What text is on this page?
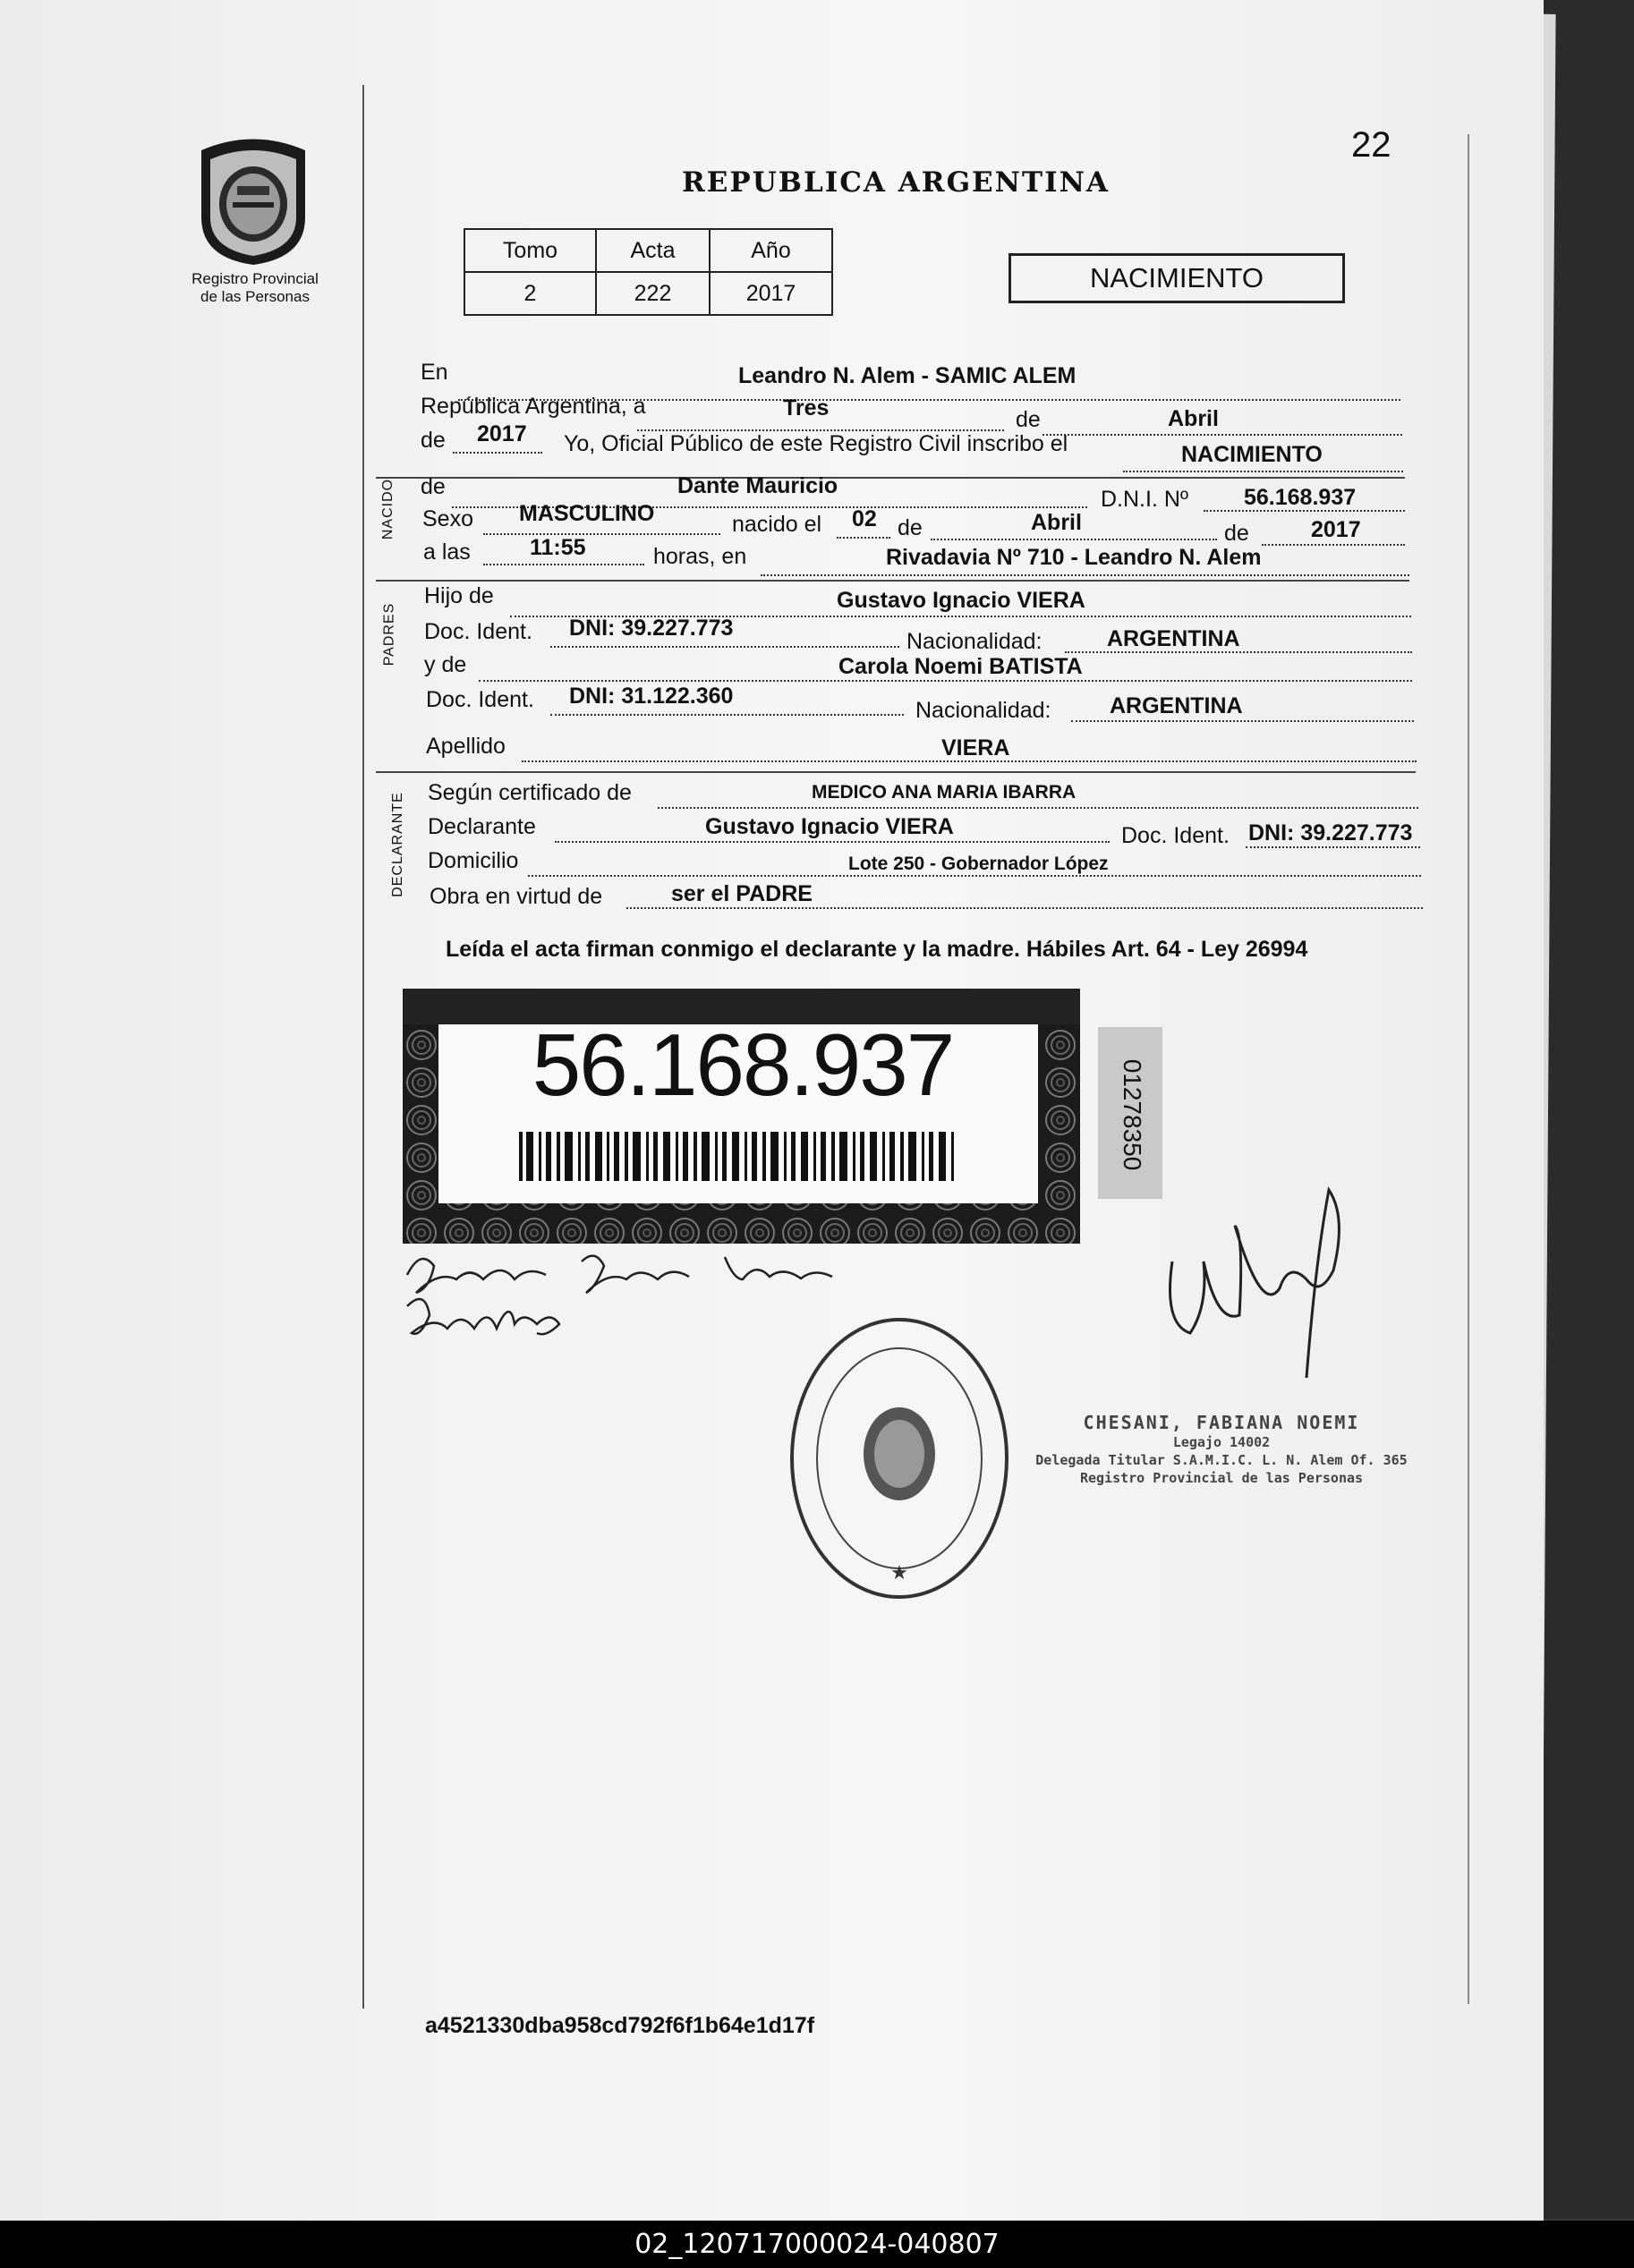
Registro Provincial
de las Personas
22
REPUBLICA ARGENTINA
Tomo	Acta	Año
2	222	2017	NACIMIENTO
En	Leandro N. Alem - SAMIC ALEM
República Argentina, a	Tres	de	Abril
de 2017 Yo, Oficial Público de este Registro Civil inscribo el	NACIMIENTO
NACIDO de	Dante Mauricio
D.N.I. Nº 56.168.937
Sexo MASCULINO	nacido el 02 de	Abril	de	2017
a las	11:55	horas, en	Rivadavia Nº 710 - Leandro N. Alem
PADRES
Hijo de	Gustavo Ignacio VIERA
Doc. Ident. DNI: 39.227.773
Nacionalidad:	ARGENTINA
y de	Carola Noemi BATISTA
Doc. Ident. DNI: 31.122.360
Nacionalidad:	ARGENTINA
Apellido	VIERA
DECLARANTE Según certificado de	MEDICO ANA MARIA IBARRA
Declarante	Gustavo Ignacio VIERA	Doc. Ident. DNI: 39.227.773
Domicilio	Lote 250 - Gobernador López
Obra en virtud de	ser el PADRE
Leída el acta firman conmigo el declarante y la madre. Hábiles Art. 64 - Ley 26994
56.168.937	01278350
★
CHESANI, FABIANA NOEMI
Legajo 14002
Delegada Titular S.A.M.I.C. L. N. Alem Of. 365
Registro Provincial de las Personas
a4521330dba958cd792f6f1b64e1d17f
02_120717000024-040807
